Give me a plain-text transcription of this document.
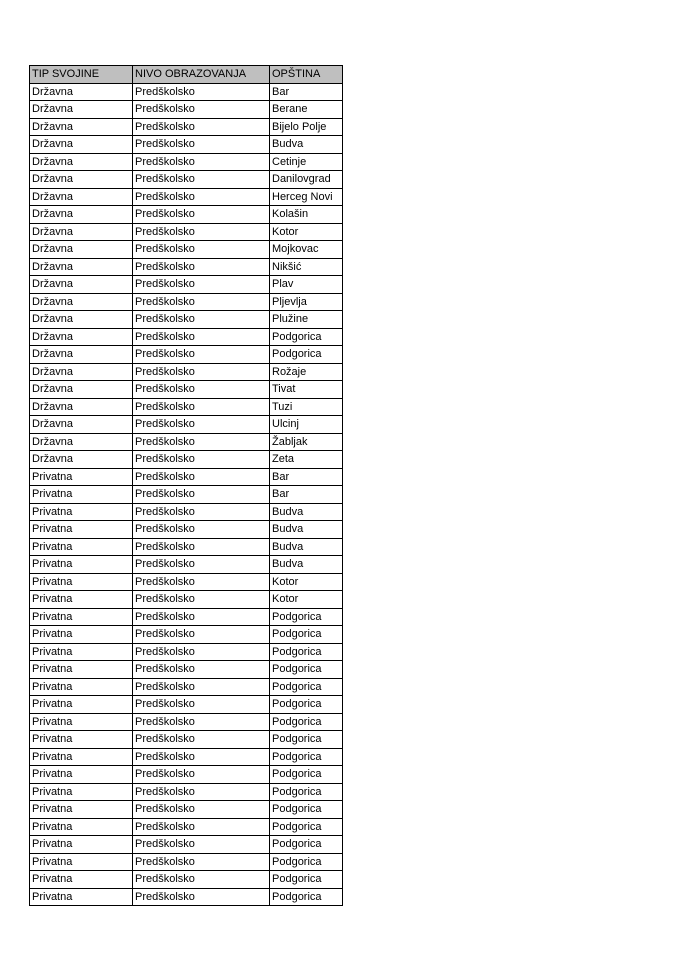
TIP SVOJINE	NIVO OBRAZOVANJA	OPŠTINA
Državna	Predškolsko	Bar
Državna	Predškolsko	Berane
Državna	Predškolsko	Bijelo Polje
Državna	Predškolsko	Budva
Državna	Predškolsko	Cetinje
Državna	Predškolsko	Danilovgrad
Državna	Predškolsko	Herceg Novi
Državna	Predškolsko	Kolašin
Državna	Predškolsko	Kotor
Državna	Predškolsko	Mojkovac
Državna	Predškolsko	Nikšić
Državna	Predškolsko	Plav
Državna	Predškolsko	Pljevlja
Državna	Predškolsko	Plužine
Državna	Predškolsko	Podgorica
Državna	Predškolsko	Podgorica
Državna	Predškolsko	Rožaje
Državna	Predškolsko	Tivat
Državna	Predškolsko	Tuzi
Državna	Predškolsko	Ulcinj
Državna	Predškolsko	Žabljak
Državna	Predškolsko	Zeta
Privatna	Predškolsko	Bar
Privatna	Predškolsko	Bar
Privatna	Predškolsko	Budva
Privatna	Predškolsko	Budva
Privatna	Predškolsko	Budva
Privatna	Predškolsko	Budva
Privatna	Predškolsko	Kotor
Privatna	Predškolsko	Kotor
Privatna	Predškolsko	Podgorica
Privatna	Predškolsko	Podgorica
Privatna	Predškolsko	Podgorica
Privatna	Predškolsko	Podgorica
Privatna	Predškolsko	Podgorica
Privatna	Predškolsko	Podgorica
Privatna	Predškolsko	Podgorica
Privatna	Predškolsko	Podgorica
Privatna	Predškolsko	Podgorica
Privatna	Predškolsko	Podgorica
Privatna	Predškolsko	Podgorica
Privatna	Predškolsko	Podgorica
Privatna	Predškolsko	Podgorica
Privatna	Predškolsko	Podgorica
Privatna	Predškolsko	Podgorica
Privatna	Predškolsko	Podgorica
Privatna	Predškolsko	Podgorica
